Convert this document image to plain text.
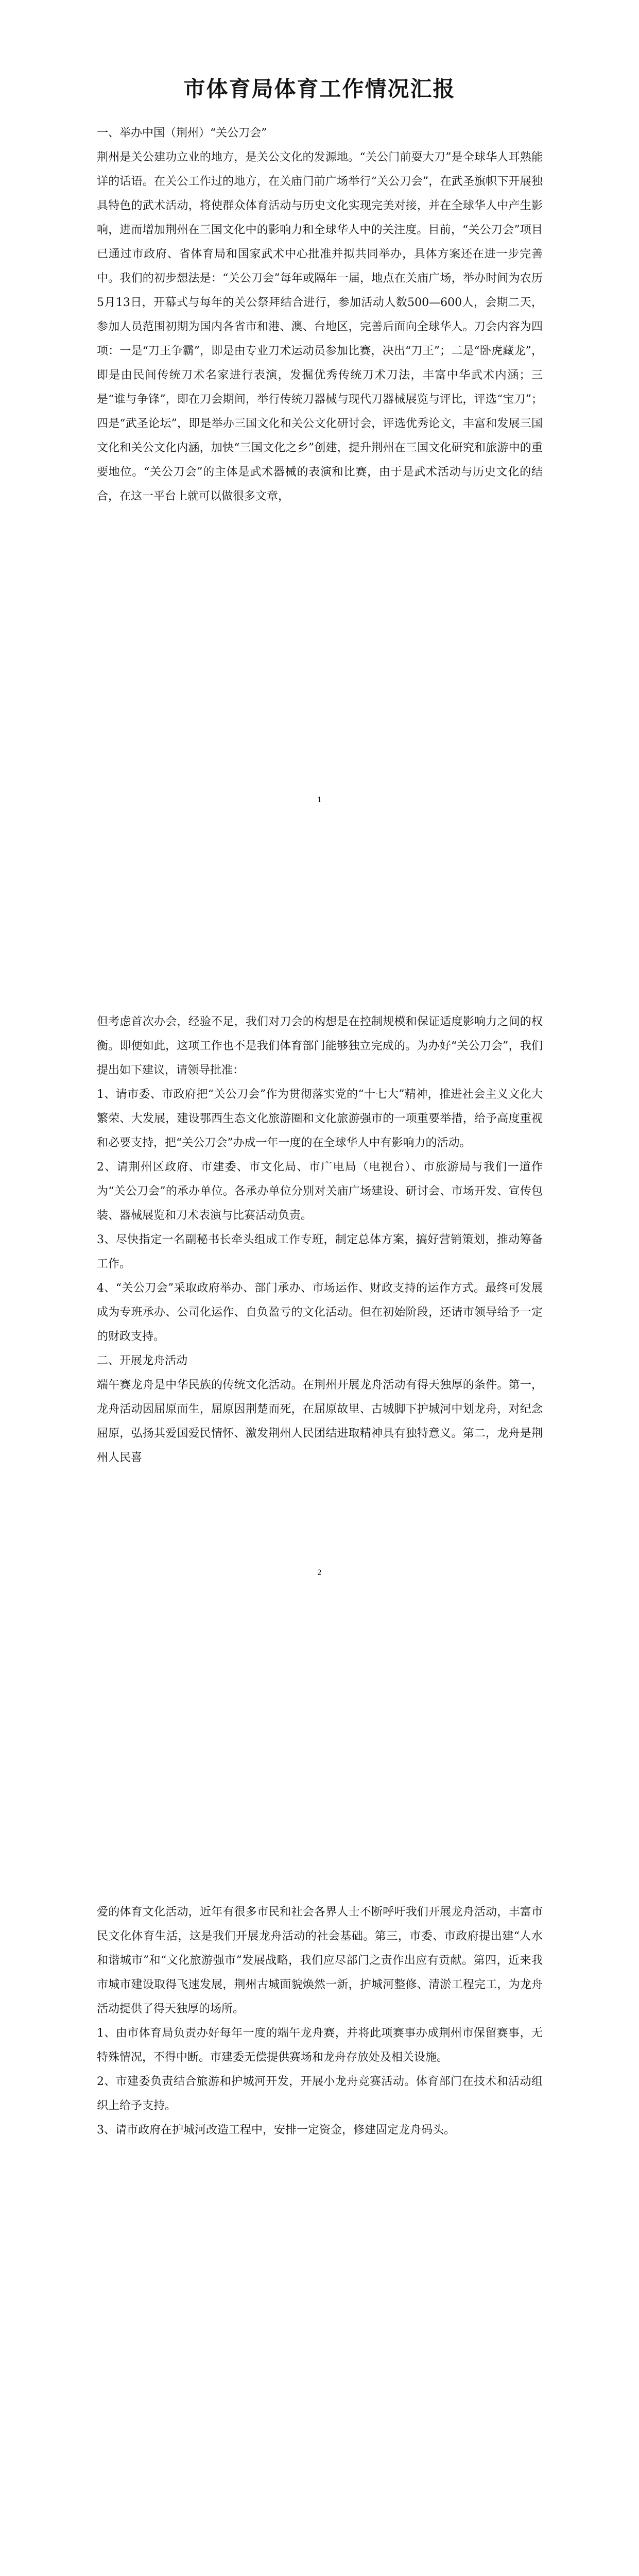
市体育局体育工作情况汇报

一、举办中国（荆州）“关公刀会”

荆州是关公建功立业的地方，是关公文化的发源地。“关公门前耍大刀”是全球华人耳熟能详的话语。在关公工作过的地方，在关庙门前广场举行“关公刀会”，在武圣旗帜下开展独具特色的武术活动，将使群众体育活动与历史文化实现完美对接，并在全球华人中产生影响，进而增加荆州在三国文化中的影响力和全球华人中的关注度。目前，“关公刀会”项目已通过市政府、省体育局和国家武术中心批准并拟共同举办，具体方案还在进一步完善中。我们的初步想法是：“关公刀会”每年或隔年一届，地点在关庙广场，举办时间为农历5月13日，开幕式与每年的关公祭拜结合进行，参加活动人数500—600人，会期二天，参加人员范围初期为国内各省市和港、澳、台地区，完善后面向全球华人。刀会内容为四项：一是“刀王争霸”，即是由专业刀术运动员参加比赛，决出“刀王”；二是“卧虎藏龙”，即是由民间传统刀术名家进行表演，发掘优秀传统刀术刀法，丰富中华武术内涵；三是“谁与争锋”，即在刀会期间，举行传统刀器械与现代刀器械展览与评比，评选“宝刀”；四是“武圣论坛”，即是举办三国文化和关公文化研讨会，评选优秀论文，丰富和发展三国文化和关公文化内涵，加快“三国文化之乡”创建，提升荆州在三国文化研究和旅游中的重要地位。“关公刀会”的主体是武术器械的表演和比赛，由于是武术活动与历史文化的结合，在这一平台上就可以做很多文章，

1

但考虑首次办会，经验不足，我们对刀会的构想是在控制规模和保证适度影响力之间的权衡。即便如此，这项工作也不是我们体育部门能够独立完成的。为办好“关公刀会”，我们提出如下建议，请领导批准：

1、请市委、市政府把“关公刀会”作为贯彻落实党的“十七大”精神，推进社会主义文化大繁荣、大发展，建设鄂西生态文化旅游圈和文化旅游强市的一项重要举措，给予高度重视和必要支持，把“关公刀会”办成一年一度的在全球华人中有影响力的活动。

2、请荆州区政府、市建委、市文化局、市广电局（电视台）、市旅游局与我们一道作为“关公刀会”的承办单位。各承办单位分别对关庙广场建设、研讨会、市场开发、宣传包装、器械展览和刀术表演与比赛活动负责。

3、尽快指定一名副秘书长牵头组成工作专班，制定总体方案，搞好营销策划，推动筹备工作。

4、“关公刀会”采取政府举办、部门承办、市场运作、财政支持的运作方式。最终可发展成为专班承办、公司化运作、自负盈亏的文化活动。但在初始阶段，还请市领导给予一定的财政支持。

二、开展龙舟活动

端午赛龙舟是中华民族的传统文化活动。在荆州开展龙舟活动有得天独厚的条件。第一，龙舟活动因屈原而生，屈原因荆楚而死，在屈原故里、古城脚下护城河中划龙舟，对纪念屈原，弘扬其爱国爱民情怀、激发荆州人民团结进取精神具有独特意义。第二，龙舟是荆州人民喜

2

爱的体育文化活动，近年有很多市民和社会各界人士不断呼吁我们开展龙舟活动，丰富市民文化体育生活，这是我们开展龙舟活动的社会基础。第三，市委、市政府提出建“人水和谐城市”和“文化旅游强市”发展战略，我们应尽部门之责作出应有贡献。第四，近来我市城市建设取得飞速发展，荆州古城面貌焕然一新，护城河整修、清淤工程完工，为龙舟活动提供了得天独厚的场所。

1、由市体育局负责办好每年一度的端午龙舟赛，并将此项赛事办成荆州市保留赛事，无特殊情况，不得中断。市建委无偿提供赛场和龙舟存放处及相关设施。

2、市建委负责结合旅游和护城河开发，开展小龙舟竞赛活动。体育部门在技术和活动组织上给予支持。

3、请市政府在护城河改造工程中，安排一定资金，修建固定龙舟码头。
